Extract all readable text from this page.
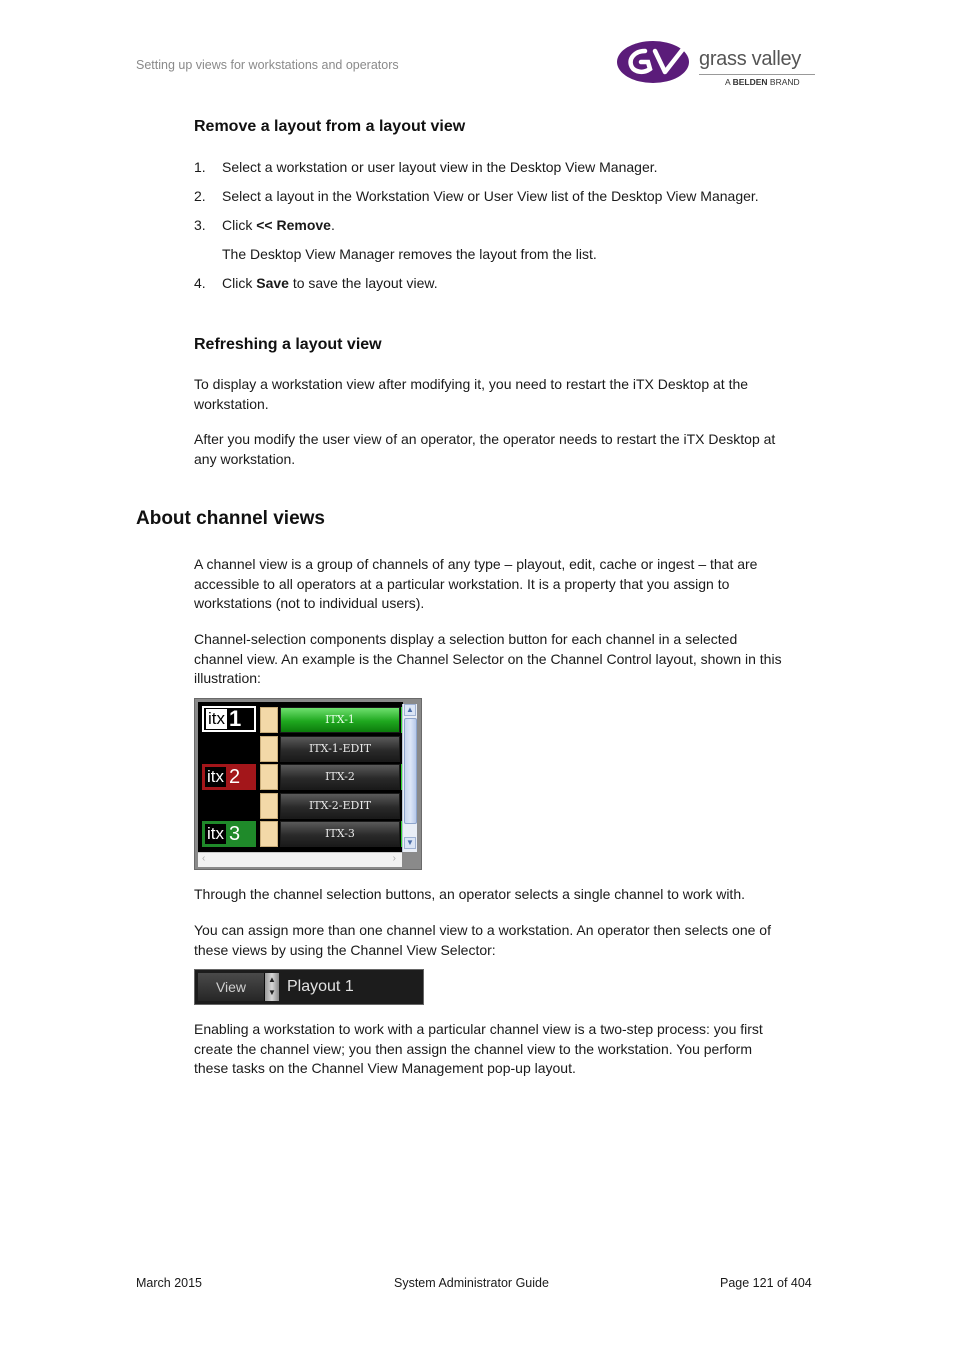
Setting up views for workstations and operators	grass valley
A BELDEN BRAND
Remove a layout from a layout view
1. Select a workstation or user layout view in the Desktop View Manager.
2. Select a layout in the Workstation View or User View list of the Desktop View Manager.
3. Click << Remove.
The Desktop View Manager removes the layout from the list.
4. Click Save to save the layout view.
Refreshing a layout view
To display a workstation view after modifying it, you need to restart the iTX Desktop at the
workstation.
After you modify the user view of an operator, the operator needs to restart the iTX Desktop at
any workstation.
About channel views
A channel view is a group of channels of any type – playout, edit, cache or ingest – that are
accessible to all operators at a particular workstation. It is a property that you assign to
workstations (not to individual users).
Channel-selection components display a selection button for each channel in a selected
channel view. An example is the Channel Selector on the Channel Control layout, shown in this
illustration:
itx 1
itx 2
itx 3
ITX-1
ITX-1-EDIT
ITX-2
ITX-2-EDIT
ITX-3
▲
▼
‹	›
Through the channel selection buttons, an operator selects a single channel to work with.
You can assign more than one channel view to a workstation. An operator then selects one of
these views by using the Channel View Selector:
View	▲
▼ Playout 1
Enabling a workstation to work with a particular channel view is a two-step process: you first
create the channel view; you then assign the channel view to the workstation. You perform
these tasks on the Channel View Management pop-up layout.
March 2015	System Administrator Guide	Page 121 of 404
